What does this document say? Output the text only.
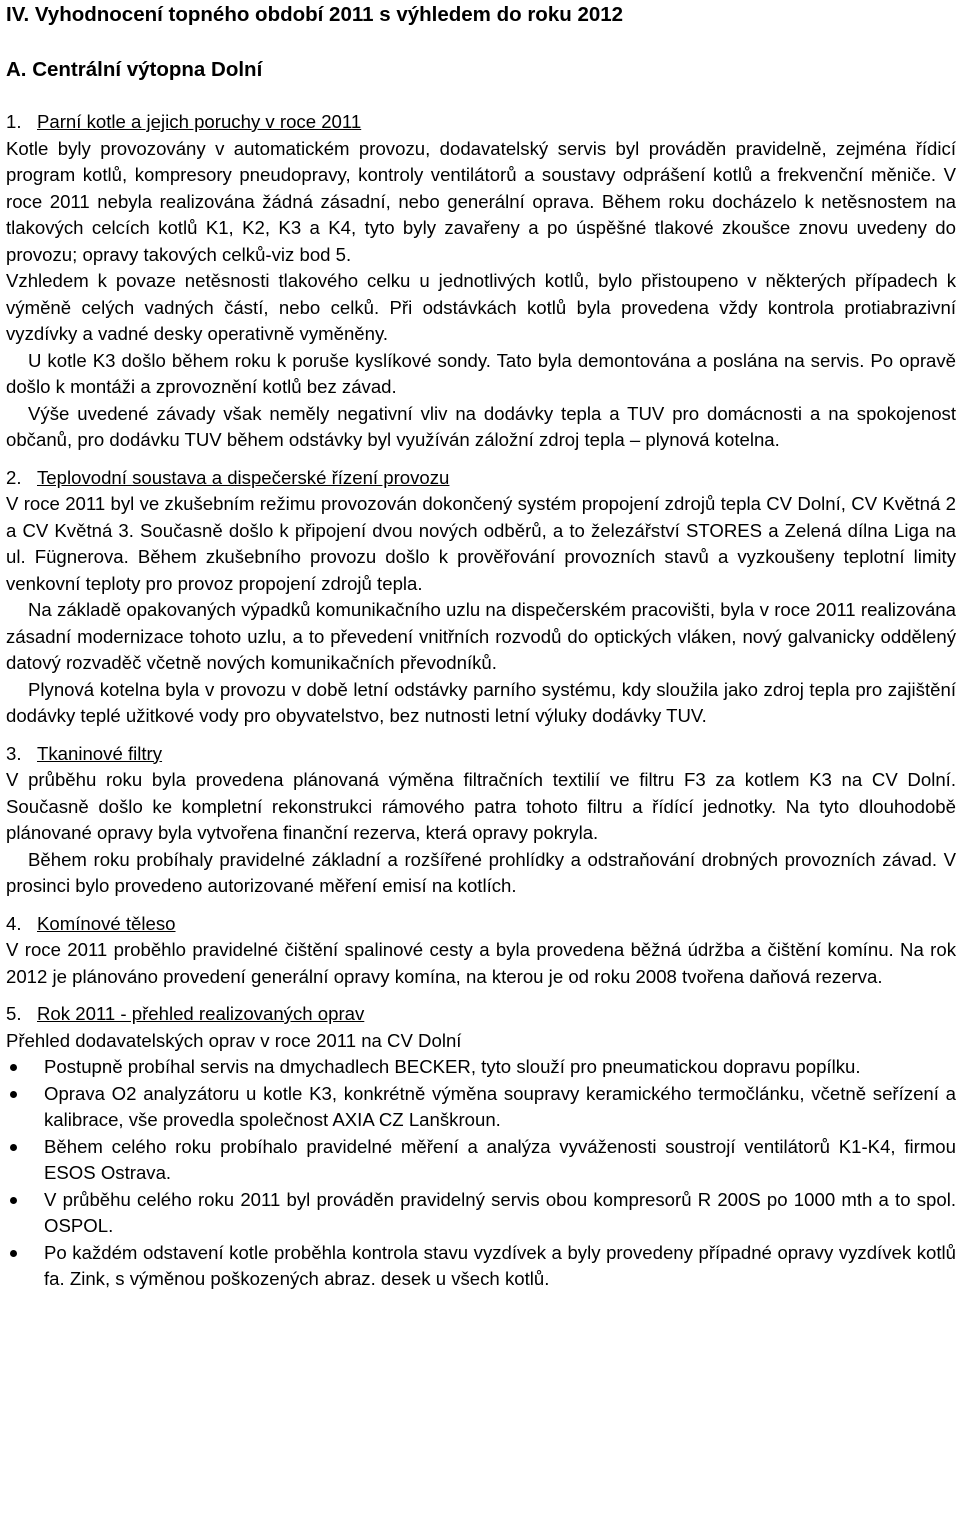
IV. Vyhodnocení topného období 2011 s výhledem do roku 2012
A. Centrální výtopna Dolní
1. Parní kotle a jejich poruchy v roce 2011

Kotle byly provozovány v automatickém provozu, dodavatelský servis byl prováděn pravidelně, zejména řídicí program kotlů, kompresory pneudopravy, kontroly ventilátorů a soustavy odprášení kotlů a frekvenční měniče. V roce 2011 nebyla realizována žádná zásadní, nebo generální oprava. Během roku docházelo k netěsnostem na tlakových celcích kotlů K1, K2, K3 a K4, tyto byly zavařeny a po úspěšné tlakové zkoušce znovu uvedeny do provozu; opravy takových celků-viz bod 5.

Vzhledem k povaze netěsnosti tlakového celku u jednotlivých kotlů, bylo přistoupeno v některých případech k výměně celých vadných částí, nebo celků. Při odstávkách kotlů byla provedena vždy kontrola protiabrazivní vyzdívky a vadné desky operativně vyměněny.

U kotle K3 došlo během roku k poruše kyslíkové sondy. Tato byla demontována a poslána na servis. Po opravě došlo k montáži a zprovoznění kotlů bez závad.

Výše uvedené závady však neměly negativní vliv na dodávky tepla a TUV pro domácnosti a na spokojenost občanů, pro dodávku TUV během odstávky byl využíván záložní zdroj tepla – plynová kotelna.

2. Teplovodní soustava a dispečerské řízení provozu

V roce 2011 byl ve zkušebním režimu provozován dokončený systém propojení zdrojů tepla CV Dolní, CV Květná 2 a CV Květná 3. Současně došlo k připojení dvou nových odběrů, a to železářství STORES a Zelená dílna Liga na ul. Fügnerova. Během zkušebního provozu došlo k prověřování provozních stavů a vyzkoušeny teplotní limity venkovní teploty pro provoz propojení zdrojů tepla.

Na základě opakovaných výpadků komunikačního uzlu na dispečerském pracovišti, byla v roce 2011 realizována zásadní modernizace tohoto uzlu, a to převedení vnitřních rozvodů do optických vláken, nový galvanicky oddělený datový rozvaděč včetně nových komunikačních převodníků.

Plynová kotelna byla v provozu v době letní odstávky parního systému, kdy sloužila jako zdroj tepla pro zajištění dodávky teplé užitkové vody pro obyvatelstvo, bez nutnosti letní výluky dodávky TUV.

3. Tkaninové filtry

V průběhu roku byla provedena plánovaná výměna filtračních textilií ve filtru F3 za kotlem K3 na CV Dolní. Současně došlo ke kompletní rekonstrukci rámového patra tohoto filtru a řídící jednotky. Na tyto dlouhodobě plánované opravy byla vytvořena finanční rezerva, která opravy pokryla.

Během roku probíhaly pravidelné základní a rozšířené prohlídky a odstraňování drobných provozních závad. V prosinci bylo provedeno autorizované měření emisí na kotlích.

4. Komínové těleso

V roce 2011 proběhlo pravidelné čištění spalinové cesty a byla provedena běžná údržba a čištění komínu. Na rok 2012 je plánováno provedení generální opravy komína, na kterou je od roku 2008 tvořena daňová rezerva.

5. Rok 2011 - přehled realizovaných oprav

Přehled dodavatelských oprav v roce 2011 na CV Dolní

Postupně probíhal servis na dmychadlech BECKER, tyto slouží pro pneumatickou dopravu popílku.
Oprava O2 analyzátoru u kotle K3, konkrétně výměna soupravy keramického termočlánku, včetně seřízení a kalibrace, vše provedla společnost AXIA CZ Lanškroun.
Během celého roku probíhalo pravidelné měření a analýza vyváženosti soustrojí ventilátorů K1-K4, firmou ESOS Ostrava.
V průběhu celého roku 2011 byl prováděn pravidelný servis obou kompresorů R 200S po 1000 mth a to spol. OSPOL.
Po každém odstavení kotle proběhla kontrola stavu vyzdívek a byly provedeny případné opravy vyzdívek kotlů fa. Zink, s výměnou poškozených abraz. desek u všech kotlů.
